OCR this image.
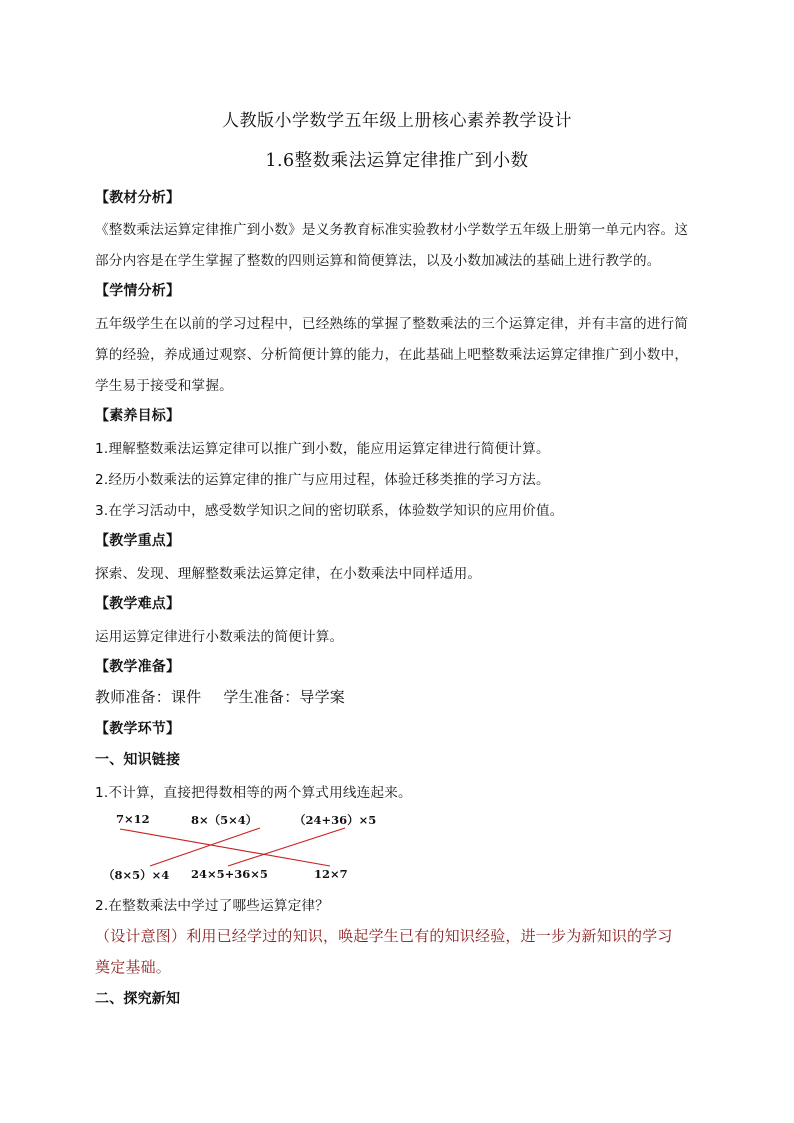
人教版小学数学五年级上册核心素养教学设计
1.6整数乘法运算定律推广到小数
【教材分析】
《整数乘法运算定律推广到小数》是义务教育标准实验教材小学数学五年级上册第一单元内容。这
部分内容是在学生掌握了整数的四则运算和简便算法，以及小数加减法的基础上进行教学的。
【学情分析】
五年级学生在以前的学习过程中，已经熟练的掌握了整数乘法的三个运算定律，并有丰富的进行简
算的经验，养成通过观察、分析简便计算的能力，在此基础上吧整数乘法运算定律推广到小数中，
学生易于接受和掌握。
【素养目标】
1.理解整数乘法运算定律可以推广到小数，能应用运算定律进行简便计算。
2.经历小数乘法的运算定律的推广与应用过程，体验迁移类推的学习方法。
3.在学习活动中，感受数学知识之间的密切联系，体验数学知识的应用价值。
【教学重点】
探索、发现、理解整数乘法运算定律，在小数乘法中同样适用。
【教学难点】
运用运算定律进行小数乘法的简便计算。
【教学准备】
教师准备：课件 学生准备：导学案
【教学环节】
一、知识链接
1.不计算，直接把得数相等的两个算式用线连起来。
7×12	8×（5×4）	（24+36）×5
（8×5）×4 24×5+36×5	12×7
2.在整数乘法中学过了哪些运算定律？
（设计意图）利用已经学过的知识，唤起学生已有的知识经验，进一步为新知识的学习
奠定基础。
二、探究新知
